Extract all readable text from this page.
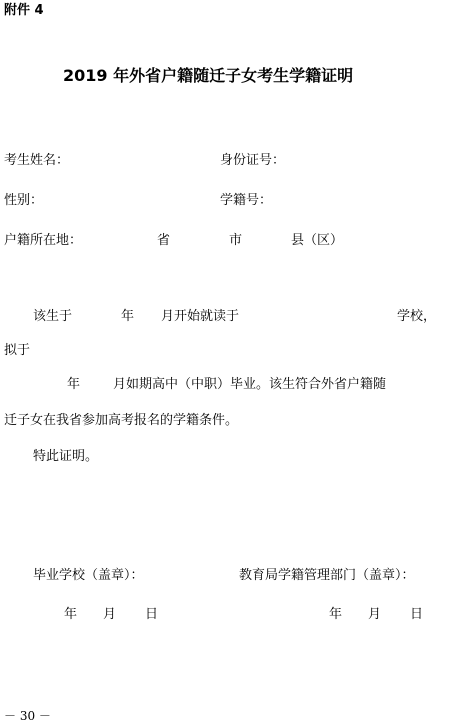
附件 4
2019 年外省户籍随迁子女考生学籍证明
考生姓名：	身份证号：
性别：	学籍号：
户籍所在地：	省	市	县（区）
该生于	年 月开始就读于	学校，
拟于
年	月如期高中（中职）毕业。该生符合外省户籍随
迁子女在我省参加高考报名的学籍条件。
特此证明。
毕业学校（盖章）：	教育局学籍管理部门（盖章）：
年 月 日	年 月 日
－ 30 －
